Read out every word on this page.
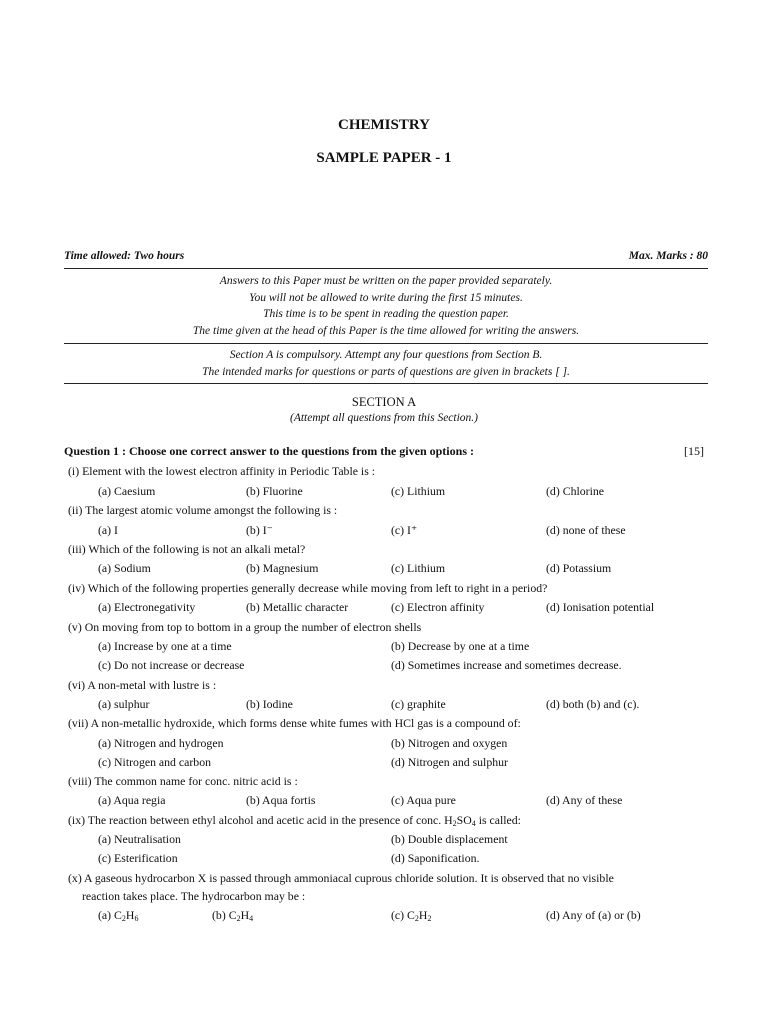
CHEMISTRY
SAMPLE PAPER - 1
Time allowed: Two hours	Max. Marks : 80
Answers to this Paper must be written on the paper provided separately.
You will not be allowed to write during the first 15 minutes.
This time is to be spent in reading the question paper.
The time given at the head of this Paper is the time allowed for writing the answers.
Section A is compulsory. Attempt any four questions from Section B.
The intended marks for questions or parts of questions are given in brackets [ ].
SECTION A
(Attempt all questions from this Section.)
Question 1 : Choose one correct answer to the questions from the given options :	[15]
(i) Element with the lowest electron affinity in Periodic Table is :
(a) Caesium	(b) Fluorine	(c) Lithium	(d) Chlorine
(ii) The largest atomic volume amongst the following is :
(a) I	(b) I⁻	(c) I⁺	(d) none of these
(iii) Which of the following is not an alkali metal?
(a) Sodium	(b) Magnesium	(c) Lithium	(d) Potassium
(iv) Which of the following properties generally decrease while moving from left to right in a period?
(a) Electronegativity	(b) Metallic character	(c) Electron affinity	(d) Ionisation potential
(v) On moving from top to bottom in a group the number of electron shells
(a) Increase by one at a time	(b) Decrease by one at a time
(c) Do not increase or decrease	(d) Sometimes increase and sometimes decrease.
(vi) A non-metal with lustre is :
(a) sulphur	(b) Iodine	(c) graphite	(d) both (b) and (c).
(vii) A non-metallic hydroxide, which forms dense white fumes with HCl gas is a compound of:
(a) Nitrogen and hydrogen	(b) Nitrogen and oxygen
(c) Nitrogen and carbon	(d) Nitrogen and sulphur
(viii) The common name for conc. nitric acid is :
(a) Aqua regia	(b) Aqua fortis	(c) Aqua pure	(d) Any of these
(ix) The reaction between ethyl alcohol and acetic acid in the presence of conc. $H_2SO_4$ is called:
(a) Neutralisation	(b) Double displacement
(c) Esterification	(d) Saponification.
(x) A gaseous hydrocarbon X is passed through ammoniacal cuprous chloride solution. It is observed that no visible
reaction takes place. The hydrocarbon may be :
(a) $C_2H_6$	(b) $C_2H_4$	(c) $C_2H_2$	(d) Any of (a) or (b)
